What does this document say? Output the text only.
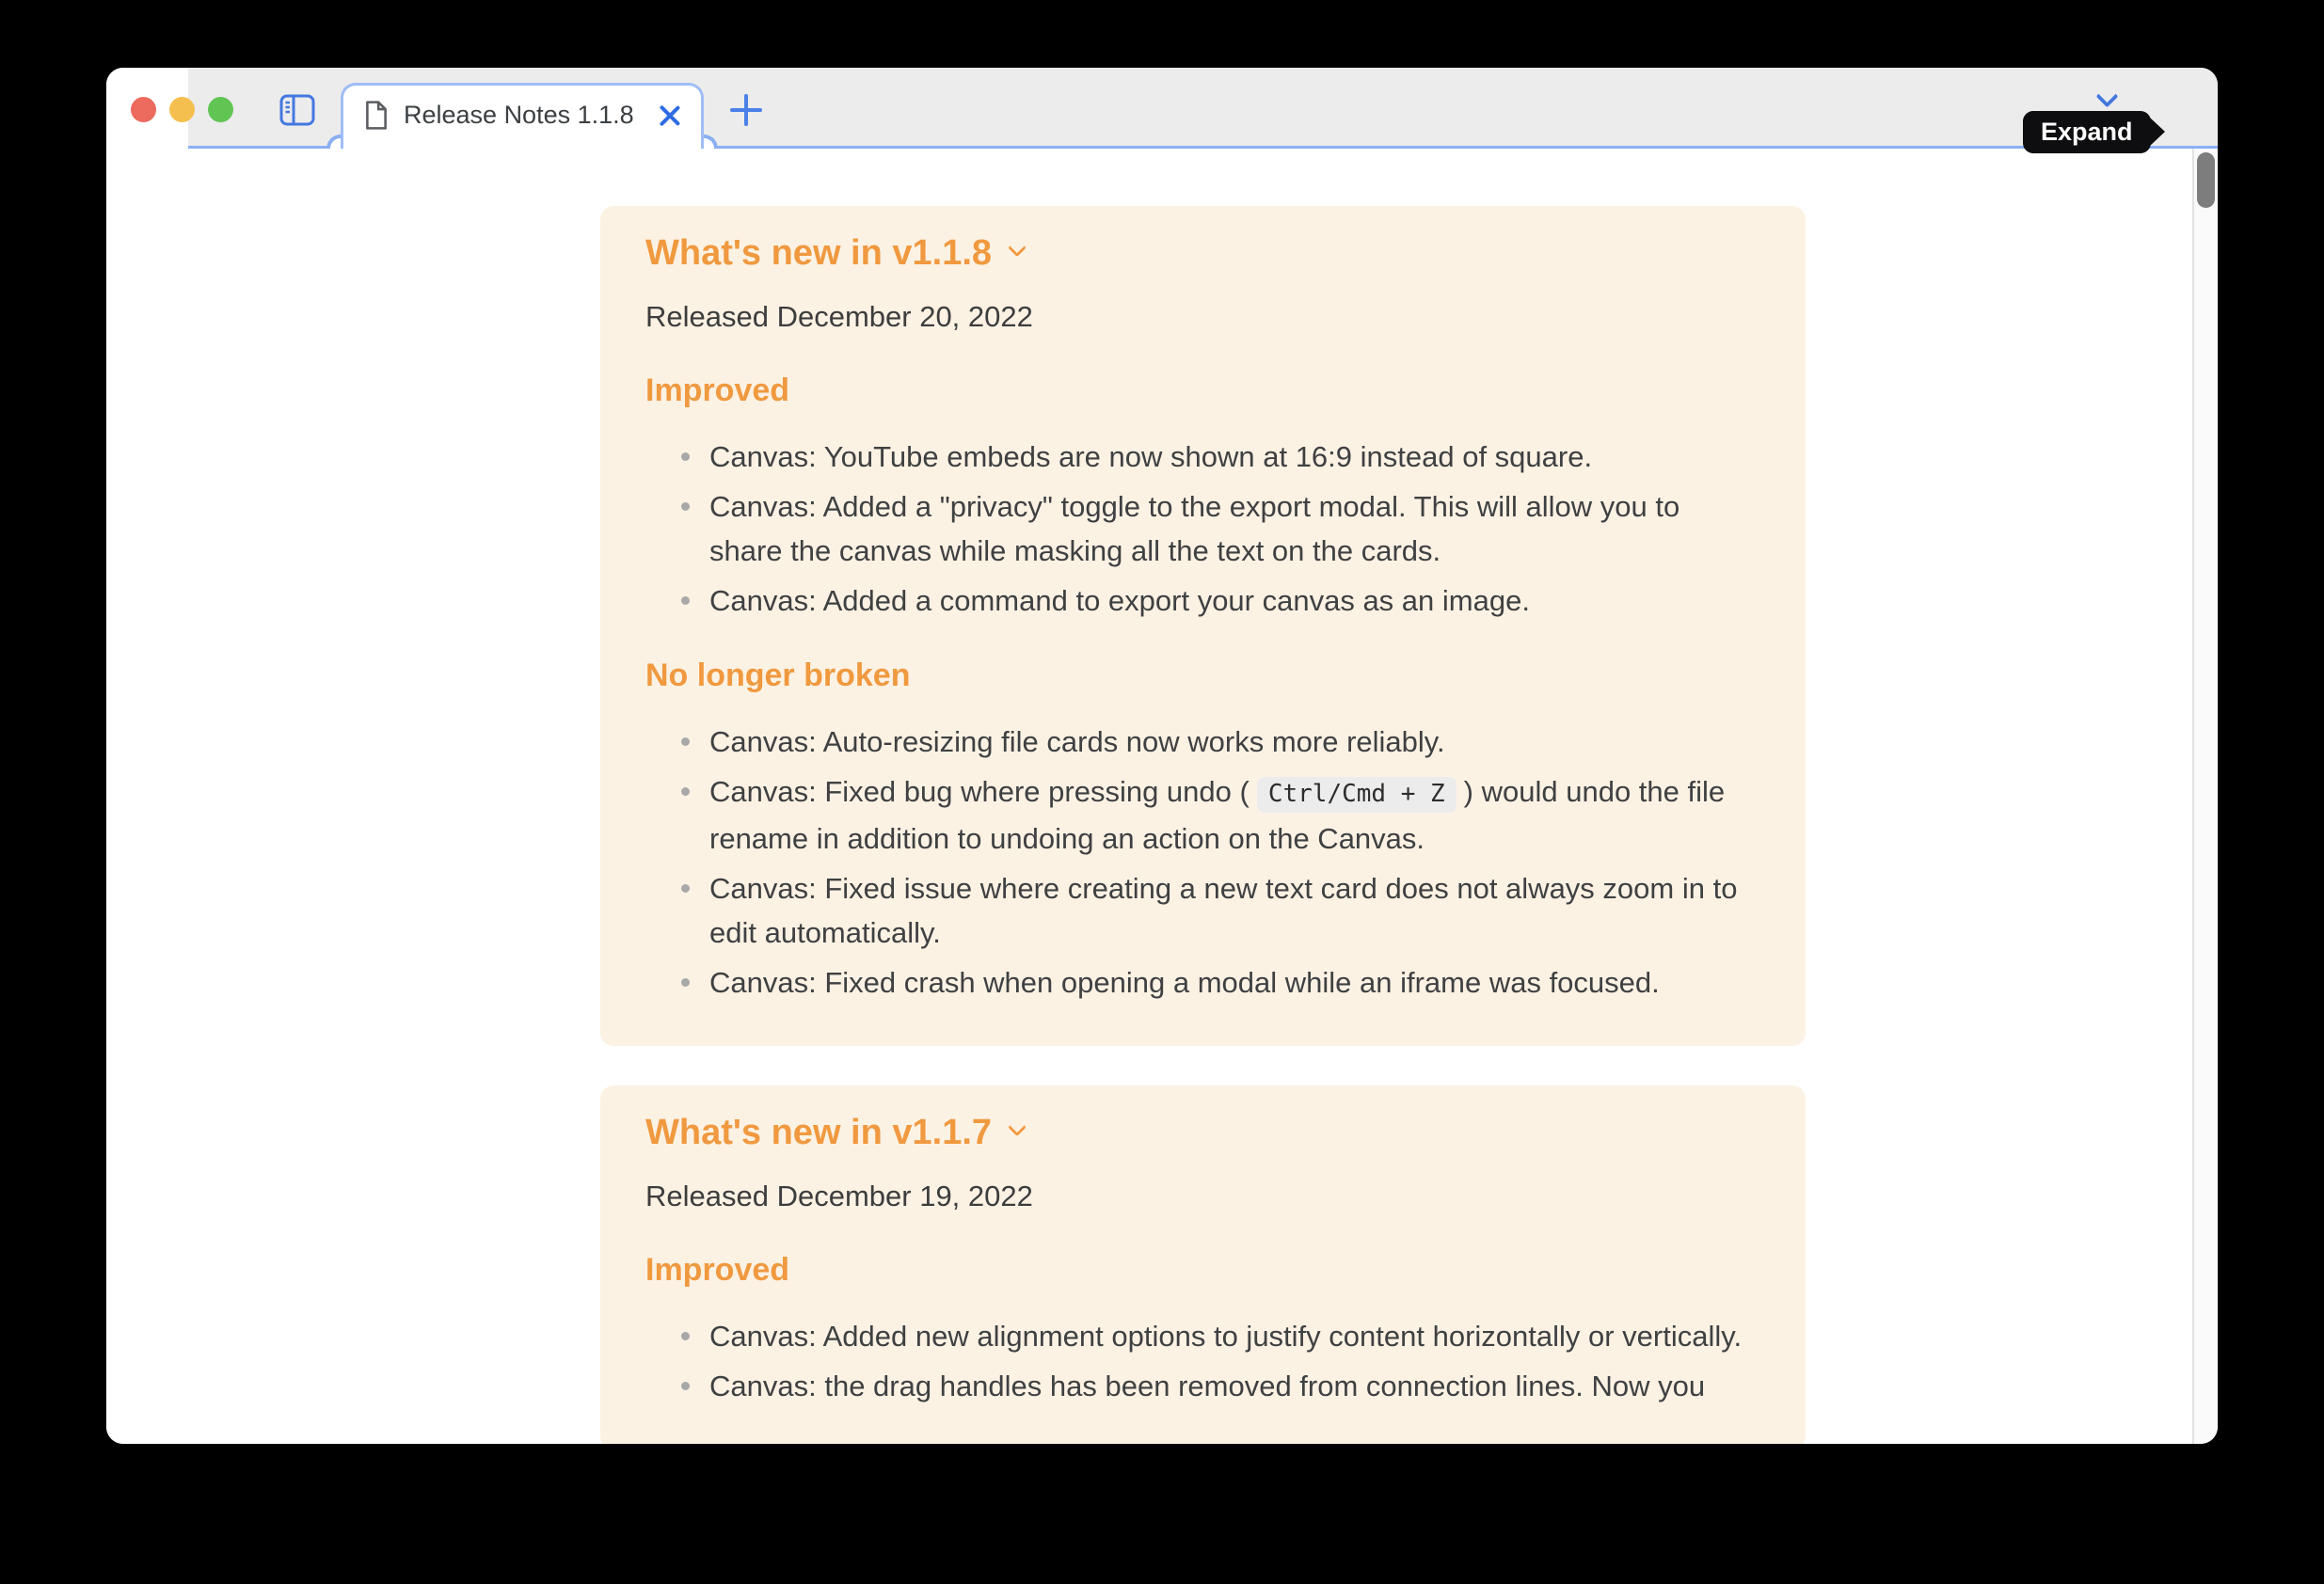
Release Notes 1.1.8
Expand
What's new in v1.1.8

Released December 20, 2022

Improved
Canvas: YouTube embeds are now shown at 16:9 instead of square.
Canvas: Added a "privacy" toggle to the export modal. This will allow you to share the canvas while masking all the text on the cards.
Canvas: Added a command to export your canvas as an image.
No longer broken
Canvas: Auto-resizing file cards now works more reliably.
Canvas: Fixed bug where pressing undo ( Ctrl/Cmd + Z ) would undo the file rename in addition to undoing an action on the Canvas.
Canvas: Fixed issue where creating a new text card does not always zoom in to edit automatically.
Canvas: Fixed crash when opening a modal while an iframe was focused.
What's new in v1.1.7

Released December 19, 2022

Improved
Canvas: Added new alignment options to justify content horizontally or vertically.
Canvas: the drag handles has been removed from connection lines. Now you
